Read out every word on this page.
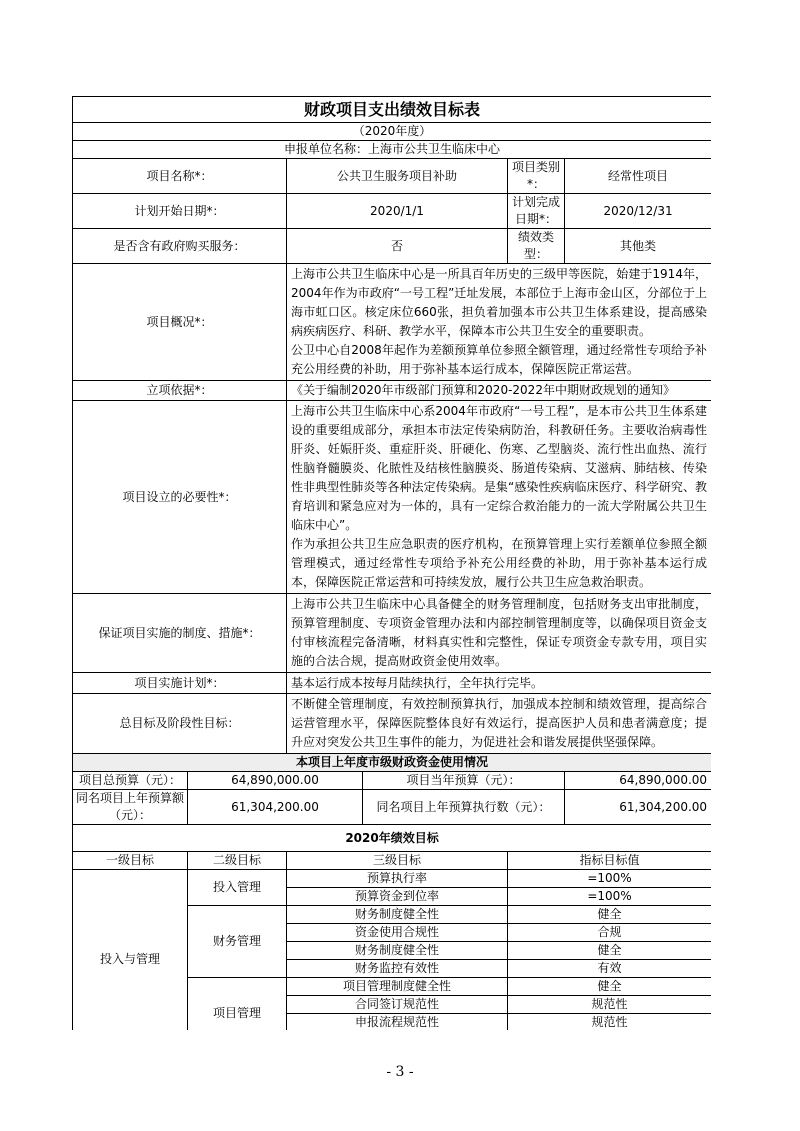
财政项目支出绩效目标表					
（2020年度）					
申报单位名称：上海市公共卫生临床中心					
项目名称*：		公共卫生服务项目补助		项目类别*：	经常性项目
计划开始日期*：		2020/1/1		计划完成日期*：	2020/12/31
是否含有政府购买服务：		否		绩效类型：	其他类
项目概况*：		上海市公共卫生临床中心是一所具百年历史的三级甲等医院，始建于1914年，2004年作为市政府“一号工程”迁址发展，本部位于上海市金山区，分部位于上海市虹口区。核定床位660张，担负着加强本市公共卫生体系建设，提高感染病疾病医疗、科研、教学水平，保障本市公共卫生安全的重要职责。

公卫中心自2008年起作为差额预算单位参照全额管理，通过经常性专项给予补充公用经费的补助，用于弥补基本运行成本，保障医院正常运营。			

立项依据*：		《关于编制2020年市级部门预算和2020-2022年中期财政规划的通知》			
项目设立的必要性*：		上海市公共卫生临床中心系2004年市政府“一号工程”，是本市公共卫生体系建设的重要组成部分，承担本市法定传染病防治，科教研任务。主要收治病毒性肝炎、妊娠肝炎、重症肝炎、肝硬化、伤寒、乙型脑炎、流行性出血热、流行性脑脊髓膜炎、化脓性及结核性脑膜炎、肠道传染病、艾滋病、肺结核、传染性非典型性肺炎等各种法定传染病。是集“感染性疾病临床医疗、科学研究、教育培训和紧急应对为一体的，具有一定综合救治能力的一流大学附属公共卫生临床中心”。

作为承担公共卫生应急职责的医疗机构，在预算管理上实行差额单位参照全额管理模式，通过经常性专项给予补充公用经费的补助，用于弥补基本运行成本，保障医院正常运营和可持续发放，履行公共卫生应急救治职责。			

保证项目实施的制度、措施*：		上海市公共卫生临床中心具备健全的财务管理制度，包括财务支出审批制度，预算管理制度、专项资金管理办法和内部控制管理制度等，以确保项目资金支付审核流程完备清晰，材料真实性和完整性，保证专项资金专款专用，项目实施的合法合规，提高财政资金使用效率。			
项目实施计划*：		基本运行成本按每月陆续执行，全年执行完毕。			
总目标及阶段性目标：		不断健全管理制度，有效控制预算执行，加强成本控制和绩效管理，提高综合运营管理水平，保障医院整体良好有效运行，提高医护人员和患者满意度；提升应对突发公共卫生事件的能力，为促进社会和谐发展提供坚强保障。			
本项目上年度市级财政资金使用情况					
项目总预算（元）：	64,890,000.00		项目当年预算（元）：		64,890,000.00
同名项目上年预算额（元）：	61,304,200.00		同名项目上年预算执行数（元）：		61,304,200.00
2020年绩效目标					
一级目标	二级目标	三级目标		指标目标值	
投入与管理	投入管理	预算执行率		=100%	
		预算资金到位率		=100%	
	财务管理	财务制度健全性		健全	
		资金使用合规性		合规	
		财务制度健全性		健全	
		财务监控有效性		有效	
	项目管理	项目管理制度健全性		健全	
		合同签订规范性		规范性	
		申报流程规范性		规范性	

- 3 -
